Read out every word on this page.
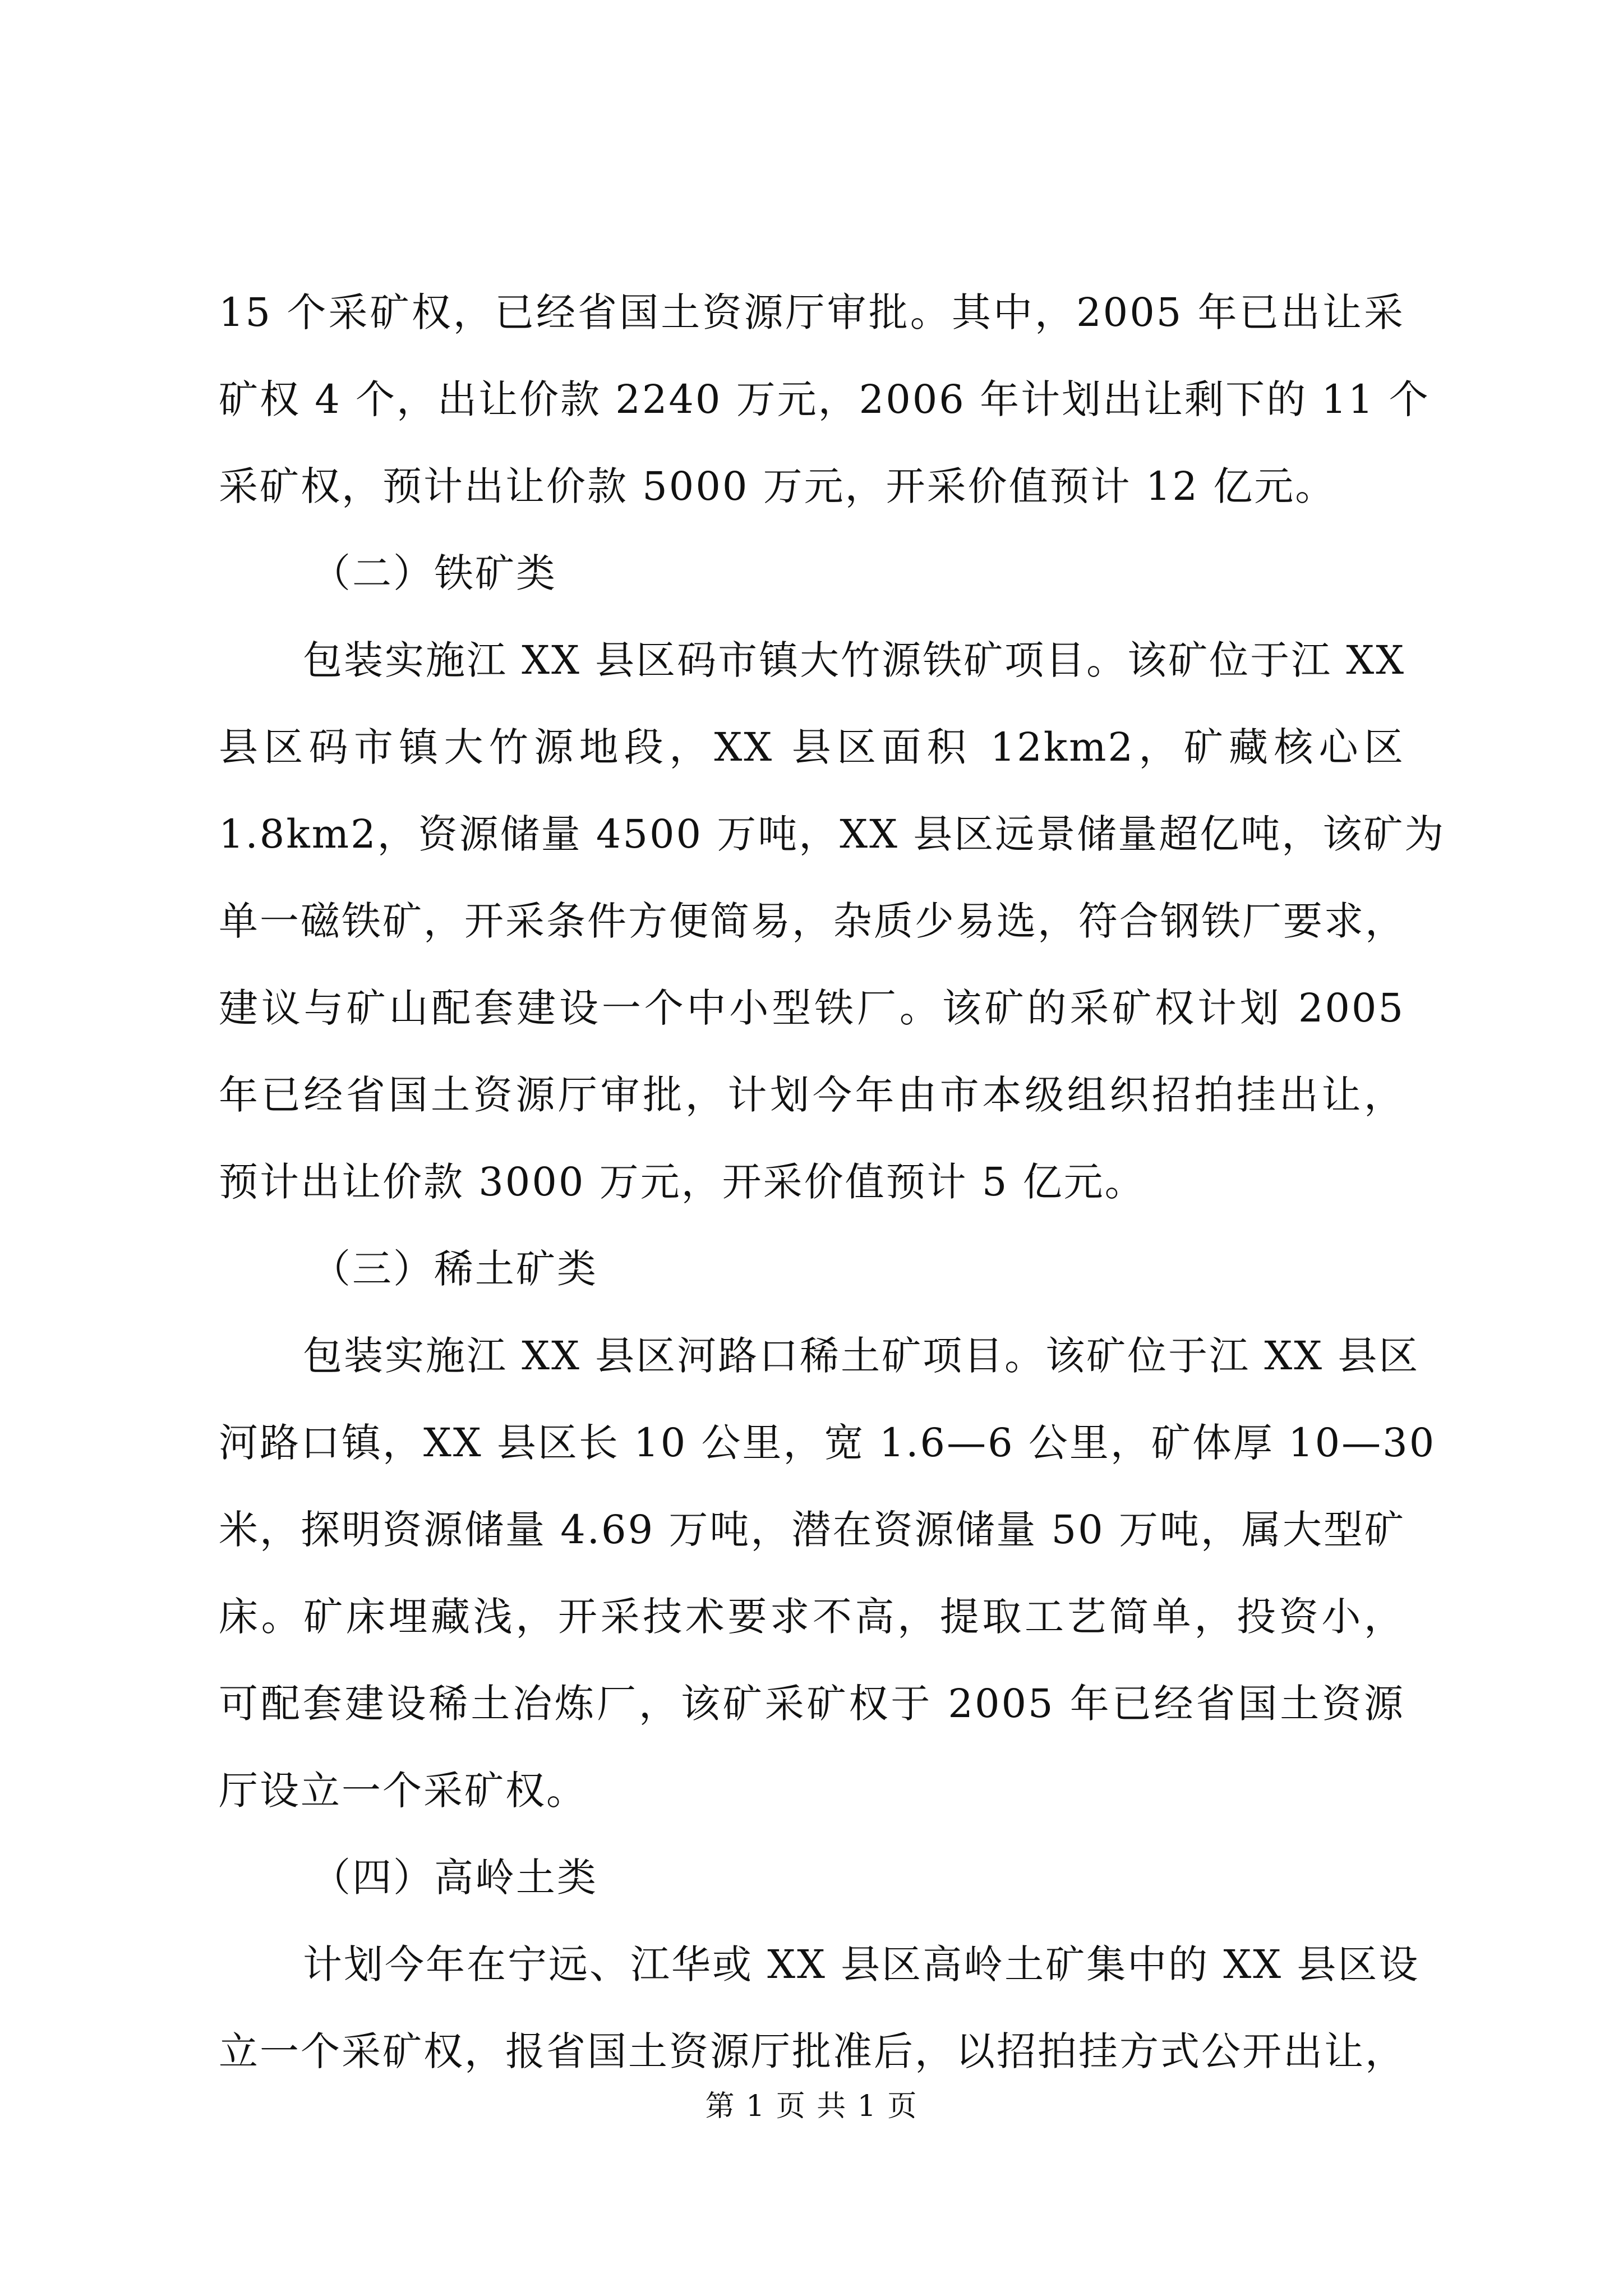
15 个采矿权，已经省国土资源厅审批。其中，2005 年已出让采
矿权 4 个，出让价款 2240 万元，2006 年计划出让剩下的 11 个
采矿权，预计出让价款 5000 万元，开采价值预计 12 亿元。
（二）铁矿类
包装实施江 XX 县区码市镇大竹源铁矿项目。该矿位于江 XX
县区码市镇大竹源地段，XX 县区面积 12km2，矿藏核心区
1.8km2，资源储量 4500 万吨，XX 县区远景储量超亿吨，该矿为
单一磁铁矿，开采条件方便简易，杂质少易选，符合钢铁厂要求，
建议与矿山配套建设一个中小型铁厂。该矿的采矿权计划 2005
年已经省国土资源厅审批，计划今年由市本级组织招拍挂出让，
预计出让价款 3000 万元，开采价值预计 5 亿元。
（三）稀土矿类
包装实施江 XX 县区河路口稀土矿项目。该矿位于江 XX 县区
河路口镇，XX 县区长 10 公里，宽 1.6—6 公里，矿体厚 10—30
米，探明资源储量 4.69 万吨，潜在资源储量 50 万吨，属大型矿
床。矿床埋藏浅，开采技术要求不高，提取工艺简单，投资小，
可配套建设稀土冶炼厂，该矿采矿权于 2005 年已经省国土资源
厅设立一个采矿权。
（四）高岭土类
计划今年在宁远、江华或 XX 县区高岭土矿集中的 XX 县区设
立一个采矿权，报省国土资源厅批准后，以招拍挂方式公开出让，
第 1 页 共 1 页
